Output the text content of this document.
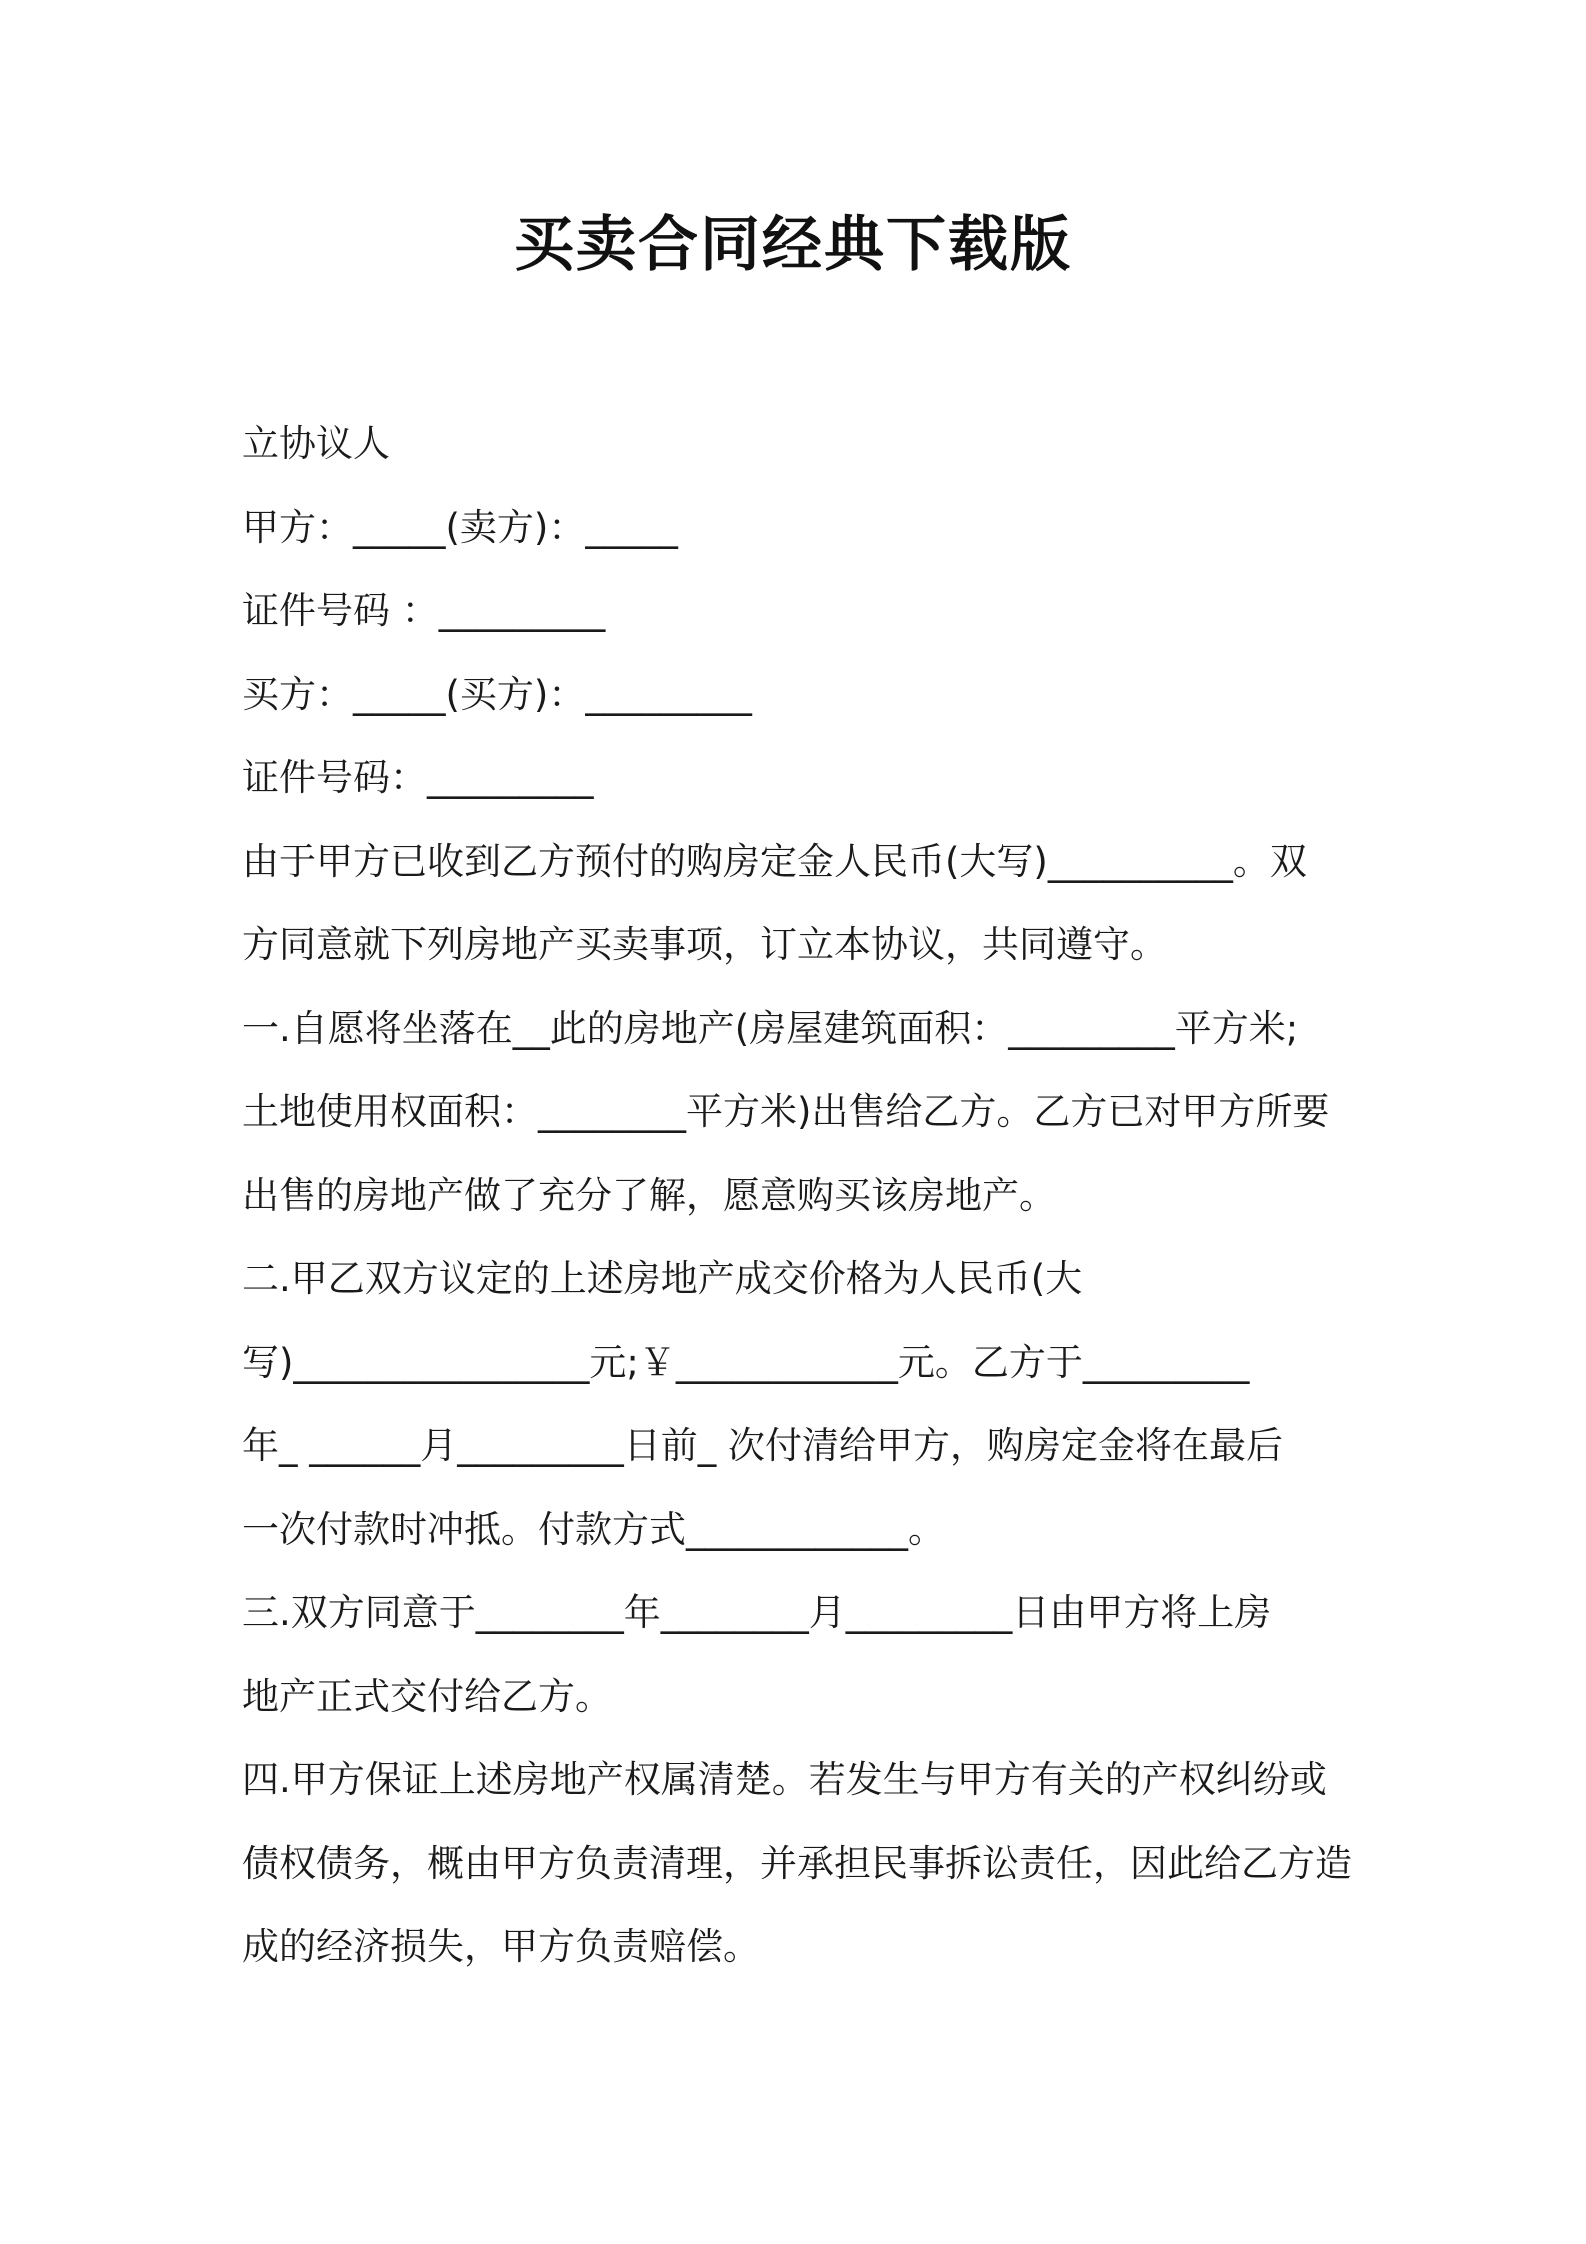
买卖合同经典下载版
立协议人
甲方：_____(卖方)：_____
证件号码 ：_________
买方：_____(买方)：_________
证件号码：_________
由于甲方已收到乙方预付的购房定金人民币(大写)__________。双
方同意就下列房地产买卖事项，订立本协议，共同遵守。
一.自愿将坐落在__此的房地产(房屋建筑面积：_________平方米;
土地使用权面积：________平方米)出售给乙方。乙方已对甲方所要
出售的房地产做了充分了解，愿意购买该房地产。
二.甲乙双方议定的上述房地产成交价格为人民币(大
写)________________元;￥____________元。乙方于_________
年_ ______月_________日前_ 次付清给甲方，购房定金将在最后
一次付款时冲抵。付款方式____________。
三.双方同意于________年________月_________日由甲方将上房
地产正式交付给乙方。
四.甲方保证上述房地产权属清楚。若发生与甲方有关的产权纠纷或
债权债务，概由甲方负责清理，并承担民事拆讼责任，因此给乙方造
成的经济损失，甲方负责赔偿。
